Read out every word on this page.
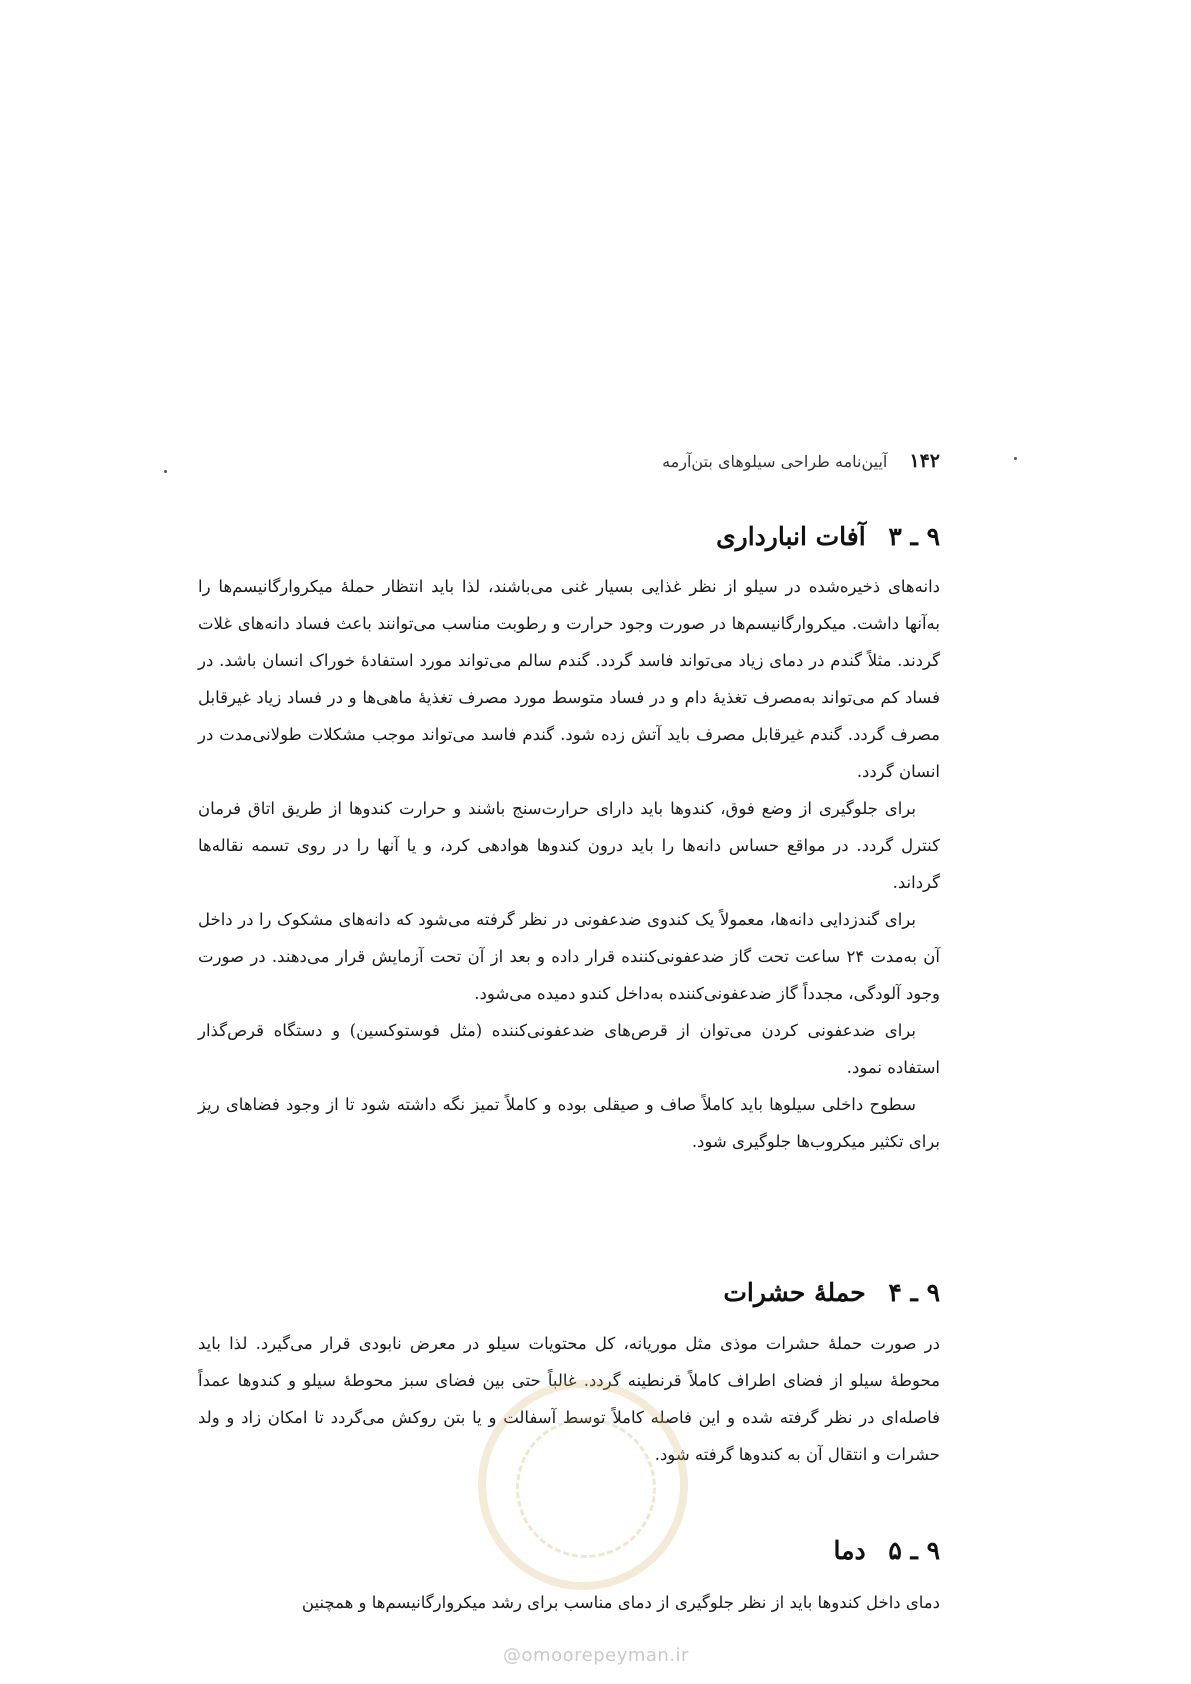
۱۴۲
آیین‌نامه طراحی سیلوهای بتن‌آرمه
۹ ـ ۳ آفات انبارداری

دانه‌های ذخیره‌شده در سیلو از نظر غذایی بسیار غنی می‌باشند، لذا باید انتظار حملهٔ میکروارگانیسم‌ها را به‌آنها داشت. میکروارگانیسم‌ها در صورت وجود حرارت و رطوبت مناسب می‌توانند باعث فساد دانه‌های غلات گردند. مثلاً گندم در دمای زیاد می‌تواند فاسد گردد. گندم سالم می‌تواند مورد استفادهٔ خوراک انسان باشد. در فساد کم می‌تواند به‌مصرف تغذیهٔ دام و در فساد متوسط مورد مصرف تغذیهٔ ماهی‌ها و در فساد زیاد غیرقابل مصرف گردد. گندم غیرقابل مصرف باید آتش زده شود. گندم فاسد می‌تواند موجب مشکلات طولانی‌مدت در انسان گردد.

برای جلوگیری از وضع فوق، کندوها باید دارای حرارت‌سنج باشند و حرارت کندوها از طریق اتاق فرمان کنترل گردد. در مواقع حساس دانه‌ها را باید درون کندوها هوادهی کرد، و یا آنها را در روی تسمه نقاله‌ها گرداند.

برای گندزدایی دانه‌ها، معمولاً یک کندوی ضدعفونی در نظر گرفته می‌شود که دانه‌های مشکوک را در داخل آن به‌مدت ۲۴ ساعت تحت گاز ضدعفونی‌کننده قرار داده و بعد از آن تحت آزمایش قرار می‌دهند. در صورت وجود آلودگی، مجدداً گاز ضدعفونی‌کننده به‌داخل کندو دمیده می‌شود.

برای ضدعفونی کردن می‌توان از قرص‌های ضدعفونی‌کننده (مثل فوستوکسین) و دستگاه قرص‌گذار استفاده نمود.

سطوح داخلی سیلوها باید کاملاً صاف و صیقلی بوده و کاملاً تمیز نگه داشته شود تا از وجود فضاهای ریز برای تکثیر میکروب‌ها جلوگیری شود.

۹ ـ ۴ حملهٔ حشرات

در صورت حملهٔ حشرات موذی مثل موریانه، کل محتویات سیلو در معرض نابودی قرار می‌گیرد. لذا باید محوطهٔ سیلو از فضای اطراف کاملاً قرنطینه گردد. غالباً حتی بین فضای سبز محوطهٔ سیلو و کندوها عمداً فاصله‌ای در نظر گرفته شده و این فاصله کاملاً توسط آسفالت و یا بتن روکش می‌گردد تا امکان زاد و ولد حشرات و انتقال آن به کندوها گرفته شود.

۹ ـ ۵ دما

دمای داخل کندوها باید از نظر جلوگیری از دمای مناسب برای رشد میکروارگانیسم‌ها و همچنین

@omoorepeyman.ir
